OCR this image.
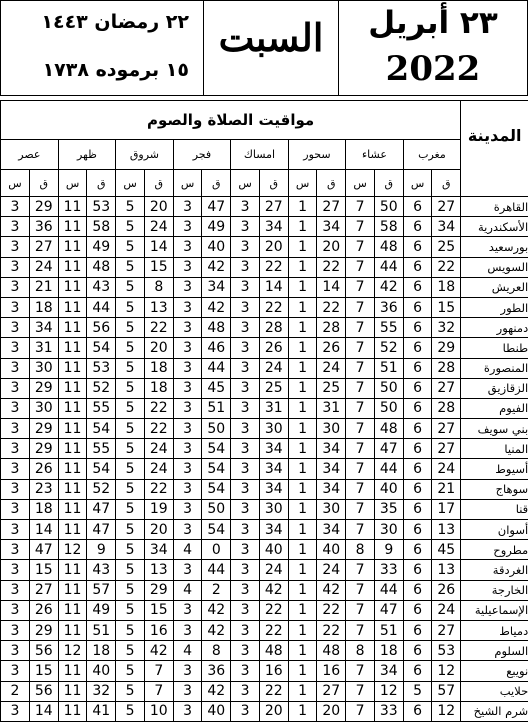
٢٢ رمضان ١٤٤٣
١٥ برموده ١٧٣٨
السبت	٢٣ أبريل
2022
المدينة	مواقيت الصلاة والصوم															
	مغرب		عشاء		سحور		امساك		فجر		شروق		ظهر		عصر	
	ق	س	ق	س	ق	س	ق	س	ق	س	ق	س	ق	س	ق	س
القاهرة	27	6	50	7	27	1	27	3	47	3	20	5	53	11	29	3
الأسكندرية	34	6	58	7	34	1	34	3	49	3	24	5	58	11	36	3
بورسعيد	25	6	48	7	20	1	20	3	40	3	14	5	49	11	27	3
السويس	22	6	44	7	22	1	22	3	42	3	15	5	48	11	24	3
العريش	18	6	42	7	14	1	14	3	34	3	8	5	43	11	21	3
الطور	15	6	36	7	22	1	22	3	42	3	13	5	44	11	18	3
دمنهور	32	6	55	7	28	1	28	3	48	3	22	5	56	11	34	3
طنطا	29	6	52	7	26	1	26	3	46	3	20	5	54	11	31	3
المنصورة	28	6	51	7	24	1	24	3	44	3	18	5	53	11	30	3
الزقازيق	27	6	50	7	25	1	25	3	45	3	18	5	52	11	29	3
الفيوم	28	6	50	7	31	1	31	3	51	3	22	5	55	11	30	3
بني سويف	27	6	48	7	30	1	30	3	50	3	22	5	54	11	29	3
المنيا	27	6	47	7	34	1	34	3	54	3	24	5	55	11	29	3
أسيوط	24	6	44	7	34	1	34	3	54	3	24	5	54	11	26	3
سوهاج	21	6	40	7	34	1	34	3	54	3	22	5	52	11	23	3
قنا	17	6	35	7	30	1	30	3	50	3	19	5	47	11	18	3
أسوان	13	6	30	7	34	1	34	3	54	3	20	5	47	11	14	3
مطروح	45	6	9	8	40	1	40	3	0	4	34	5	9	12	47	3
الغردقة	13	6	33	7	24	1	24	3	44	3	13	5	43	11	15	3
الخارجة	26	6	44	7	42	1	42	3	2	4	29	5	57	11	27	3
الإسماعيلية	24	6	47	7	22	1	22	3	42	3	15	5	49	11	26	3
دمياط	27	6	51	7	22	1	22	3	42	3	16	5	51	11	29	3
السلوم	53	6	18	8	48	1	48	3	8	4	42	5	18	12	56	3
نويبع	12	6	34	7	16	1	16	3	36	3	7	5	40	11	15	3
حلايب	57	5	12	7	27	1	22	3	42	3	7	5	32	11	56	2
شرم الشيخ	12	6	33	7	20	1	20	3	40	3	10	5	41	11	14	3
